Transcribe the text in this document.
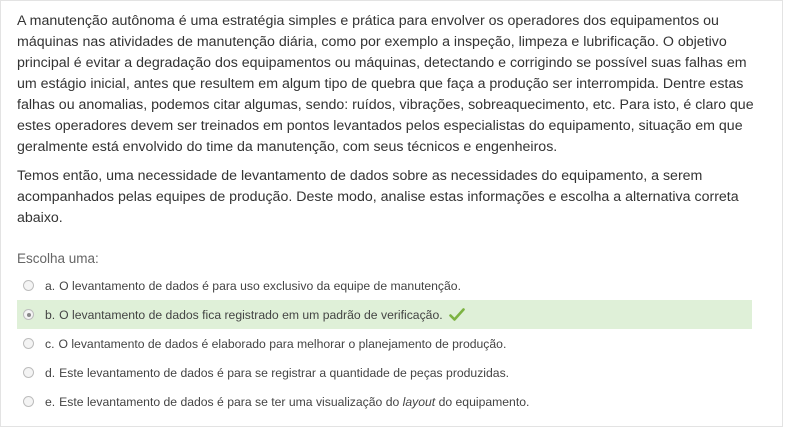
A manutenção autônoma é uma estratégia simples e prática para envolver os operadores dos equipamentos ou máquinas nas atividades de manutenção diária, como por exemplo a inspeção, limpeza e lubrificação. O objetivo principal é evitar a degradação dos equipamentos ou máquinas, detectando e corrigindo se possível suas falhas em um estágio inicial, antes que resultem em algum tipo de quebra que faça a produção ser interrompida. Dentre estas falhas ou anomalias, podemos citar algumas, sendo: ruídos, vibrações, sobreaquecimento, etc. Para isto, é claro que estes operadores devem ser treinados em pontos levantados pelos especialistas do equipamento, situação em que geralmente está envolvido do time da manutenção, com seus técnicos e engenheiros.

Temos então, uma necessidade de levantamento de dados sobre as necessidades do equipamento, a serem acompanhados pelas equipes de produção. Deste modo, analise estas informações e escolha a alternativa correta abaixo.

Escolha uma:
a. O levantamento de dados é para uso exclusivo da equipe de manutenção.
b. O levantamento de dados fica registrado em um padrão de verificação.
c. O levantamento de dados é elaborado para melhorar o planejamento de produção.
d. Este levantamento de dados é para se registrar a quantidade de peças produzidas.
e. Este levantamento de dados é para se ter uma visualização do layout do equipamento.
